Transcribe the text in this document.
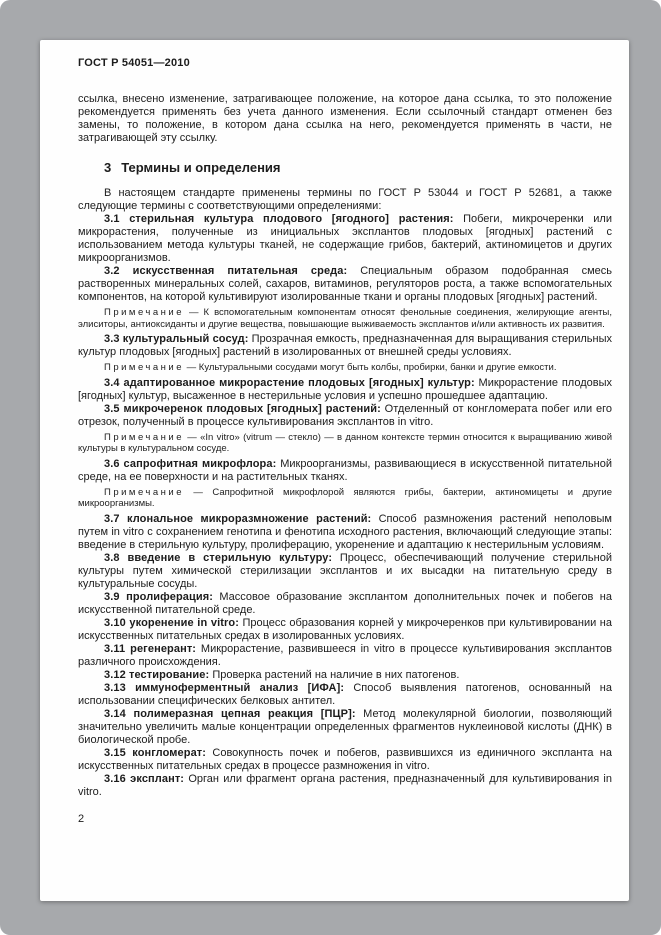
ГОСТ Р 54051—2010

ссылка, внесено изменение, затрагивающее положение, на которое дана ссылка, то это положение рекомендуется применять без учета данного изменения. Если ссылочный стандарт отменен без замены, то положение, в котором дана ссылка на него, рекомендуется применять в части, не затрагивающей эту ссылку.

3 Термины и определения

В настоящем стандарте применены термины по ГОСТ Р 53044 и ГОСТ Р 52681, а также следующие термины с соответствующими определениями:

3.1 стерильная культура плодового [ягодного] растения: Побеги, микрочеренки или микрорастения, полученные из инициальных эксплантов плодовых [ягодных] растений с использованием метода культуры тканей, не содержащие грибов, бактерий, актиномицетов и других микроорганизмов.

3.2 искусственная питательная среда: Специальным образом подобранная смесь растворенных минеральных солей, сахаров, витаминов, регуляторов роста, а также вспомогательных компонентов, на которой культивируют изолированные ткани и органы плодовых [ягодных] растений.

Примечание — К вспомогательным компонентам относят фенольные соединения, желирующие агенты, элиситоры, антиоксиданты и другие вещества, повышающие выживаемость эксплантов и/или активность их развития.

3.3 культуральный сосуд: Прозрачная емкость, предназначенная для выращивания стерильных культур плодовых [ягодных] растений в изолированных от внешней среды условиях.

Примечание — Культуральными сосудами могут быть колбы, пробирки, банки и другие емкости.

3.4 адаптированное микрорастение плодовых [ягодных] культур: Микрорастение плодовых [ягодных] культур, высаженное в нестерильные условия и успешно прошедшее адаптацию.

3.5 микрочеренок плодовых [ягодных] растений: Отделенный от конгломерата побег или его отрезок, полученный в процессе культивирования эксплантов in vitro.

Примечание — «In vitro» (vitrum — стекло) — в данном контексте термин относится к выращиванию живой культуры в культуральном сосуде.

3.6 сапрофитная микрофлора: Микроорганизмы, развивающиеся в искусственной питательной среде, на ее поверхности и на растительных тканях.

Примечание — Сапрофитной микрофлорой являются грибы, бактерии, актиномицеты и другие микроорганизмы.

3.7 клональное микроразмножение растений: Способ размножения растений неполовым путем in vitro с сохранением генотипа и фенотипа исходного растения, включающий следующие этапы: введение в стерильную культуру, пролиферацию, укоренение и адаптацию к нестерильным условиям.

3.8 введение в стерильную культуру: Процесс, обеспечивающий получение стерильной культуры путем химической стерилизации эксплантов и их высадки на питательную среду в культуральные сосуды.

3.9 пролиферация: Массовое образование эксплантом дополнительных почек и побегов на искусственной питательной среде.

3.10 укоренение in vitro: Процесс образования корней у микрочеренков при культивировании на искусственных питательных средах в изолированных условиях.

3.11 регенерант: Микрорастение, развившееся in vitro в процессе культивирования эксплантов различного происхождения.

3.12 тестирование: Проверка растений на наличие в них патогенов.

3.13 иммуноферментный анализ [ИФА]: Способ выявления патогенов, основанный на использовании специфических белковых антител.

3.14 полимеразная цепная реакция [ПЦР]: Метод молекулярной биологии, позволяющий значительно увеличить малые концентрации определенных фрагментов нуклеиновой кислоты (ДНК) в биологической пробе.

3.15 конгломерат: Совокупность почек и побегов, развившихся из единичного экспланта на искусственных питательных средах в процессе размножения in vitro.

3.16 эксплант: Орган или фрагмент органа растения, предназначенный для культивирования in vitro.

2
